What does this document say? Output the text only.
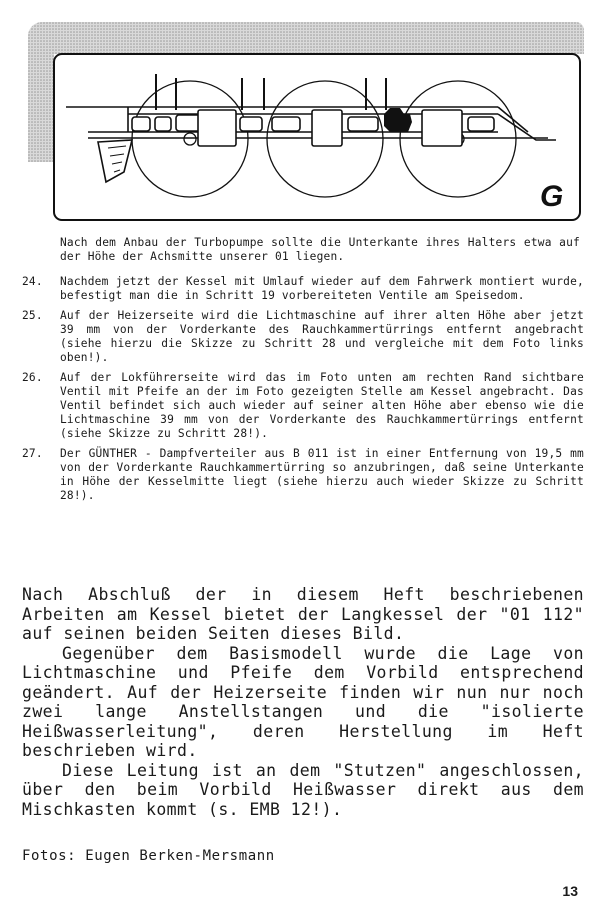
G
Nach dem Anbau der Turbopumpe sollte die Unterkante ihres Halters etwa auf der Höhe der Achsmitte unserer 01 liegen.
24.	Nachdem jetzt der Kessel mit Umlauf wieder auf dem Fahrwerk montiert wurde, befestigt man die in Schritt 19 vorbereiteten Ventile am Speisedom.
25.	Auf der Heizerseite wird die Lichtmaschine auf ihrer alten Höhe aber jetzt 39 mm von der Vorderkante des Rauchkammertürrings entfernt angebracht (siehe hierzu die Skizze zu Schritt 28 und vergleiche mit dem Foto links oben!).
26.	Auf der Lokführerseite wird das im Foto unten am rechten Rand sichtbare Ventil mit Pfeife an der im Foto gezeigten Stelle am Kessel angebracht. Das Ventil befindet sich auch wieder auf seiner alten Höhe aber ebenso wie die Lichtmaschine 39 mm von der Vorderkante des Rauchkammertürrings entfernt (siehe Skizze zu Schritt 28!).
27.	Der GÜNTHER - Dampfverteiler aus B 011 ist in einer Entfernung von 19,5 mm von der Vorderkante Rauchkammertürring so anzubringen, daß seine Unterkante in Höhe der Kesselmitte liegt (siehe hierzu auch wieder Skizze zu Schritt 28!).

Nach Abschluß der in diesem Heft beschriebenen Arbeiten am Kessel bietet der Langkessel der "01 112" auf seinen beiden Seiten dieses Bild.

Gegenüber dem Basismodell wurde die Lage von Lichtmaschine und Pfeife dem Vorbild entsprechend geändert. Auf der Heizerseite finden wir nun nur noch zwei lange Anstellstangen und die "isolierte Heißwasserleitung", deren Herstellung im Heft beschrieben wird.

Diese Leitung ist an dem "Stutzen" angeschlossen, über den beim Vorbild Heißwasser direkt aus dem Mischkasten kommt (s. EMB 12!).

Fotos: Eugen Berken-Mersmann
13
